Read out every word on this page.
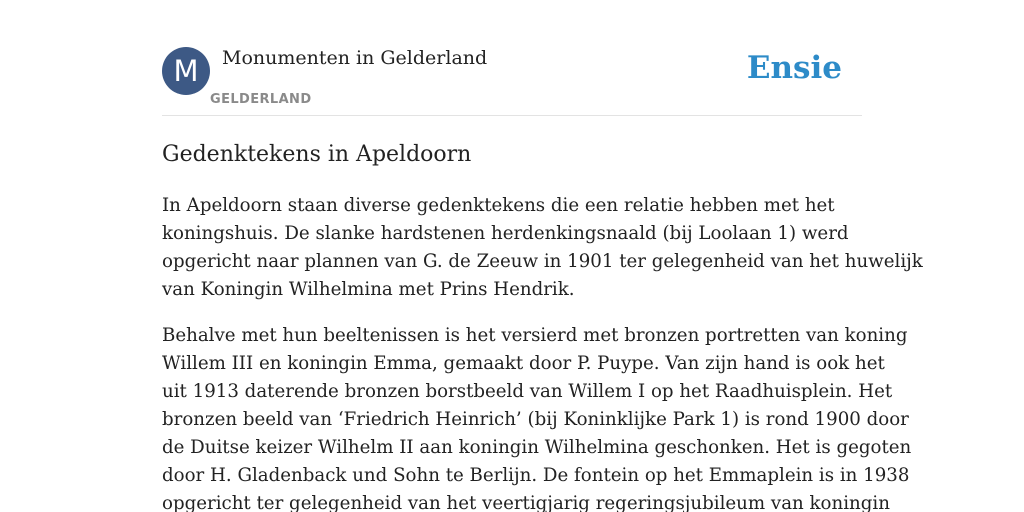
M	Monumenten in Gelderland
GELDERLAND
Ensie
Gedenktekens in Apeldoorn

In Apeldoorn staan diverse gedenktekens die een relatie hebben met het
koningshuis. De slanke hardstenen herdenkingsnaald (bij Loolaan 1) werd
opgericht naar plannen van G. de Zeeuw in 1901 ter gelegenheid van het huwelijk
van Koningin Wilhelmina met Prins Hendrik.

Behalve met hun beeltenissen is het versierd met bronzen portretten van koning
Willem III en koningin Emma, gemaakt door P. Puype. Van zijn hand is ook het
uit 1913 daterende bronzen borstbeeld van Willem I op het Raadhuisplein. Het
bronzen beeld van ‘Friedrich Heinrich’ (bij Koninklijke Park 1) is rond 1900 door
de Duitse keizer Wilhelm II aan koningin Wilhelmina geschonken. Het is gegoten
door H. Gladenback und Sohn te Berlijn. De fontein op het Emmaplein is in 1938
opgericht ter gelegenheid van het veertigjarig regeringsjubileum van koningin
